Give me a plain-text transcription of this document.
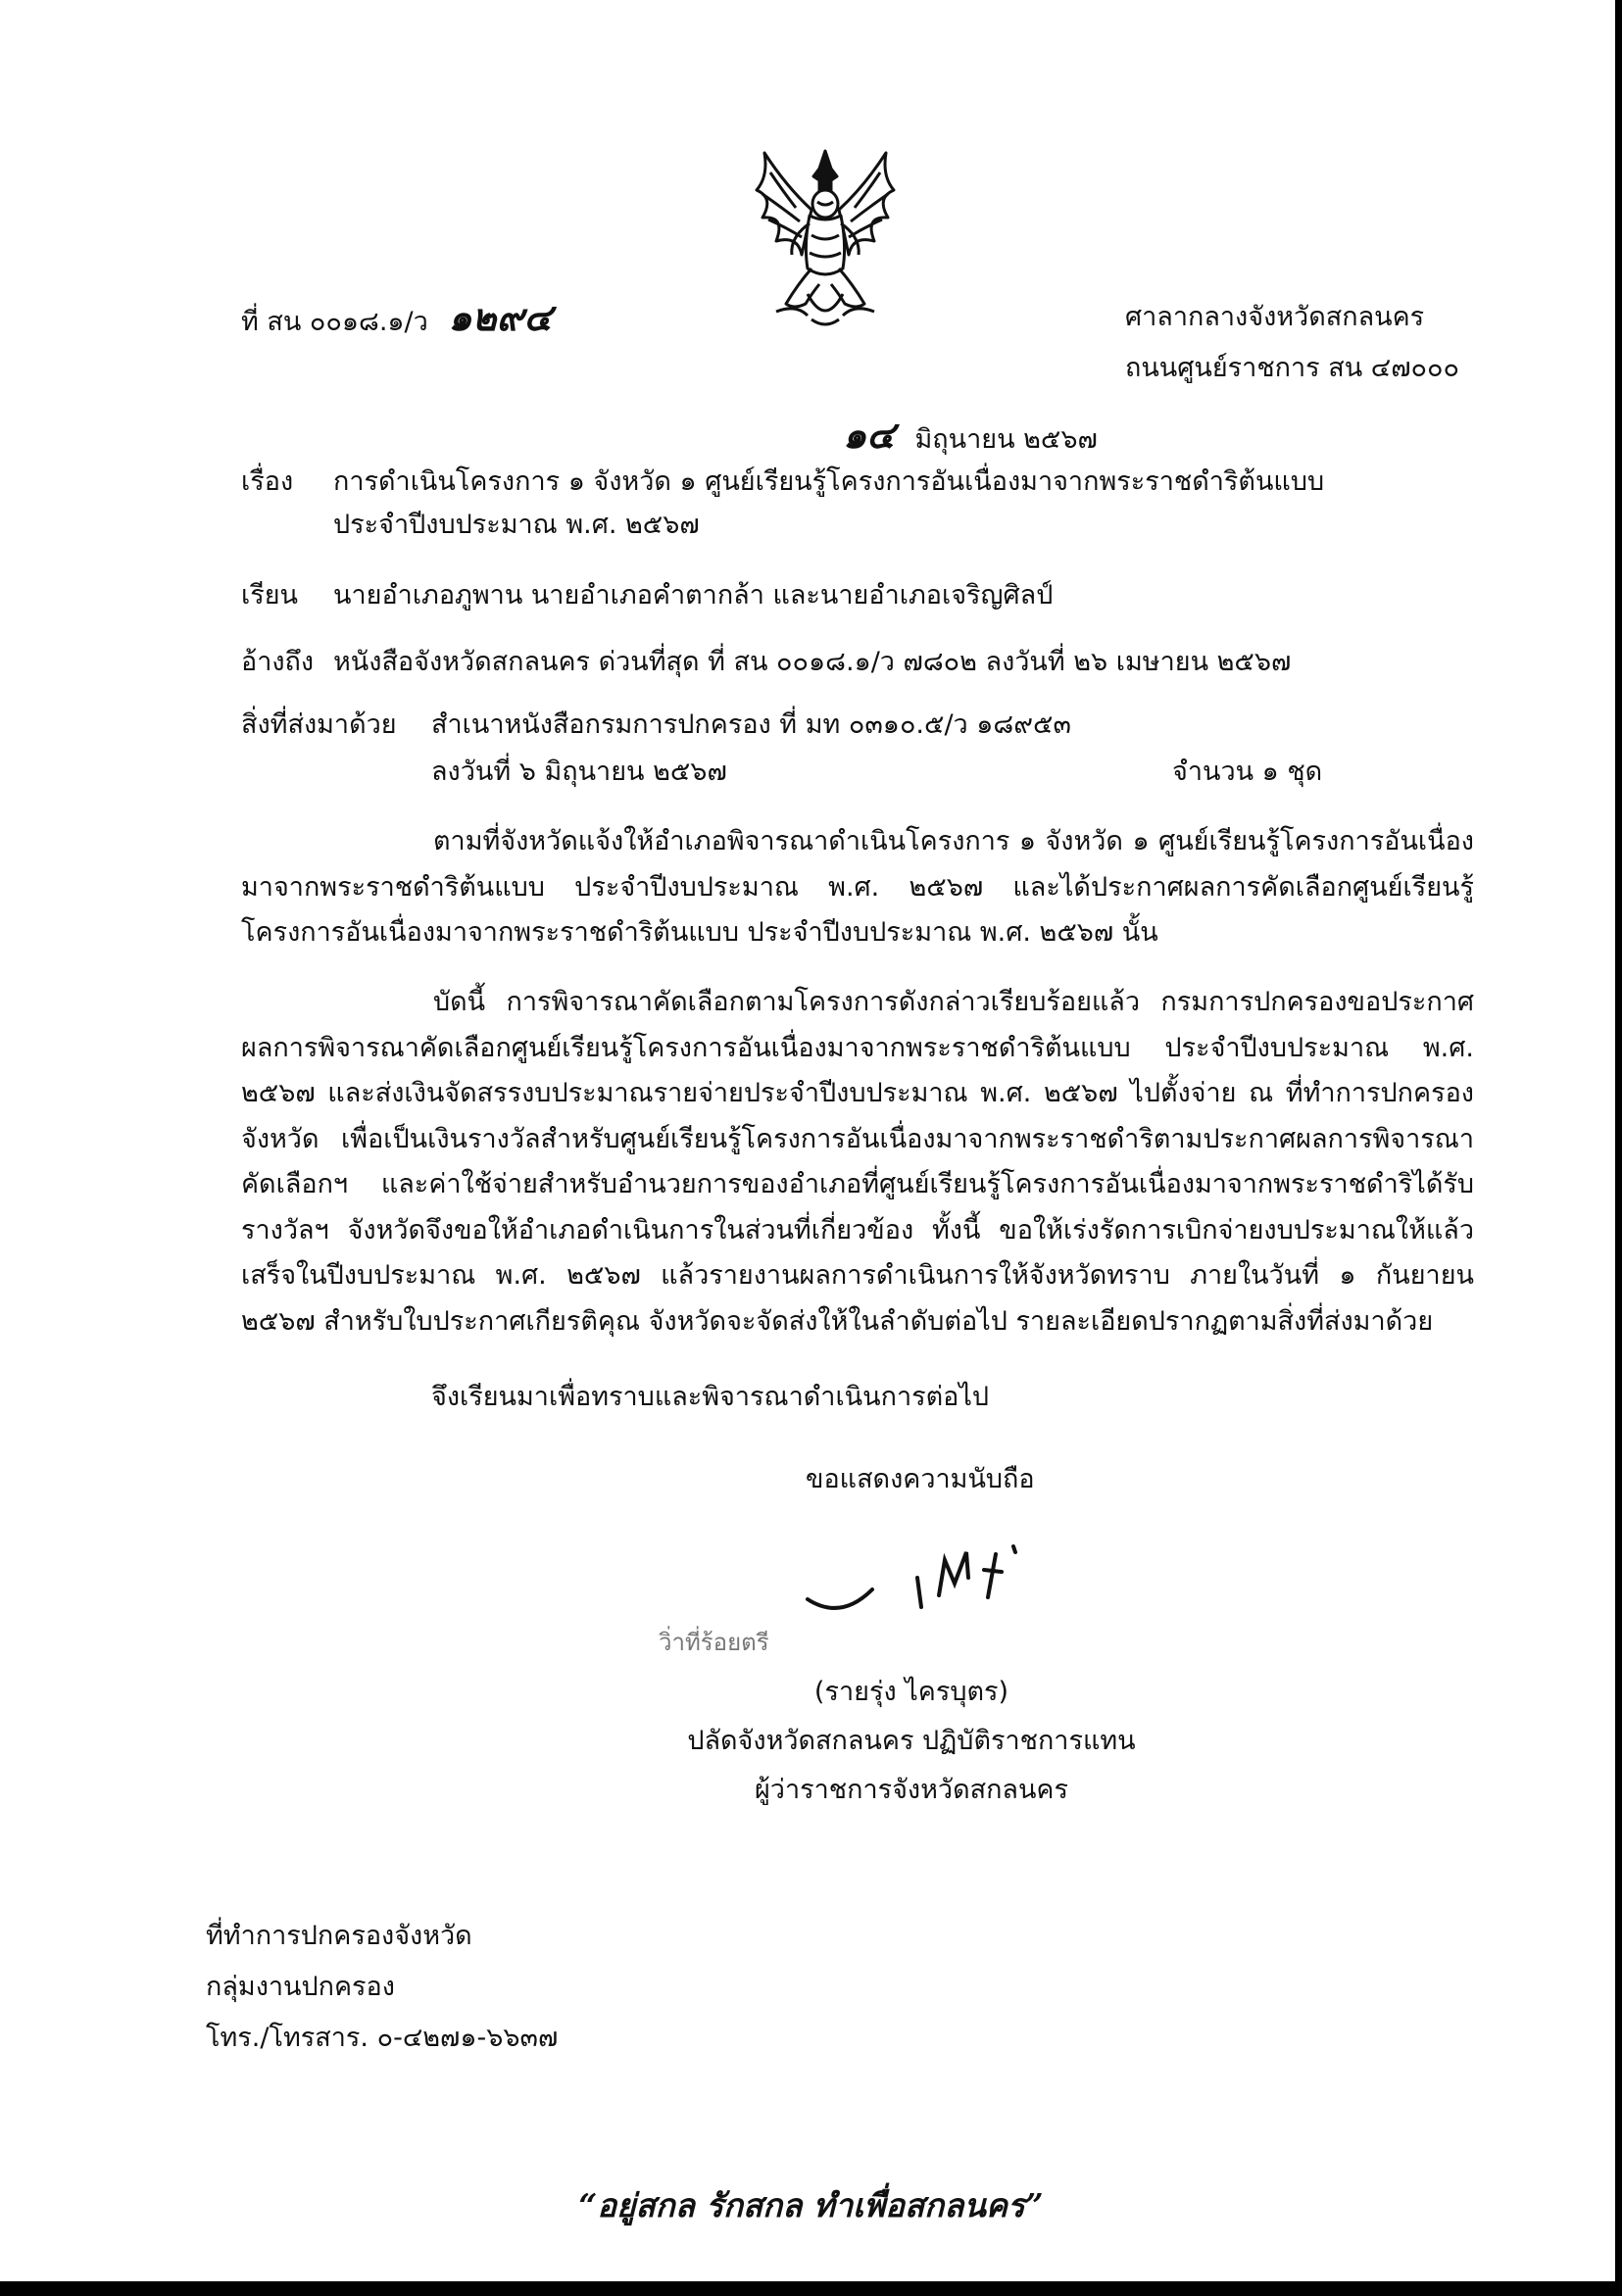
ที่ สน ๐๐๑๘.๑/ว ๑๒๙๔	ศาลากลางจังหวัดสกลนคร
ถนนศูนย์ราชการ สน ๔๗๐๐๐
๑๔ มิถุนายน ๒๕๖๗
เรื่อง การดำเนินโครงการ ๑ จังหวัด ๑ ศูนย์เรียนรู้โครงการอันเนื่องมาจากพระราชดำริต้นแบบ
ประจำปีงบประมาณ พ.ศ. ๒๕๖๗
เรียน นายอำเภอภูพาน นายอำเภอคำตากล้า และนายอำเภอเจริญศิลป์
อ้างถึง หนังสือจังหวัดสกลนคร ด่วนที่สุด ที่ สน ๐๐๑๘.๑/ว ๗๘๐๒ ลงวันที่ ๒๖ เมษายน ๒๕๖๗
สิ่งที่ส่งมาด้วย สำเนาหนังสือกรมการปกครอง ที่ มท ๐๓๑๐.๕/ว ๑๘๙๕๓
ลงวันที่ ๖ มิถุนายน ๒๕๖๗	จำนวน ๑ ชุด
ตามที่จังหวัดแจ้งให้อำเภอพิจารณาดำเนินโครงการ ๑ จังหวัด ๑ ศูนย์เรียนรู้โครงการอันเนื่องมาจากพระราชดำริต้นแบบ ประจำปีงบประมาณ พ.ศ. ๒๕๖๗ และได้ประกาศผลการคัดเลือกศูนย์เรียนรู้โครงการอันเนื่องมาจากพระราชดำริต้นแบบ ประจำปีงบประมาณ พ.ศ. ๒๕๖๗ นั้น
บัดนี้ การพิจารณาคัดเลือกตามโครงการดังกล่าวเรียบร้อยแล้ว กรมการปกครองขอประกาศผลการพิจารณาคัดเลือกศูนย์เรียนรู้โครงการอันเนื่องมาจากพระราชดำริต้นแบบ ประจำปีงบประมาณ พ.ศ. ๒๕๖๗ และส่งเงินจัดสรรงบประมาณรายจ่ายประจำปีงบประมาณ พ.ศ. ๒๕๖๗ ไปตั้งจ่าย ณ ที่ทำการปกครองจังหวัด เพื่อเป็นเงินรางวัลสำหรับศูนย์เรียนรู้โครงการอันเนื่องมาจากพระราชดำริตามประกาศผลการพิจารณาคัดเลือกฯ และค่าใช้จ่ายสำหรับอำนวยการของอำเภอที่ศูนย์เรียนรู้โครงการอันเนื่องมาจากพระราชดำริได้รับรางวัลฯ จังหวัดจึงขอให้อำเภอดำเนินการในส่วนที่เกี่ยวข้อง ทั้งนี้ ขอให้เร่งรัดการเบิกจ่ายงบประมาณให้แล้วเสร็จในปีงบประมาณ พ.ศ. ๒๕๖๗ แล้วรายงานผลการดำเนินการให้จังหวัดทราบ ภายในวันที่ ๑ กันยายน ๒๕๖๗ สำหรับใบประกาศเกียรติคุณ จังหวัดจะจัดส่งให้ในลำดับต่อไป รายละเอียดปรากฏตามสิ่งที่ส่งมาด้วย
จึงเรียนมาเพื่อทราบและพิจารณาดำเนินการต่อไป
ขอแสดงความนับถือ
วิ่าที่ร้อยตรี
(รายรุ่ง ไครบุตร)
ปลัดจังหวัดสกลนคร ปฏิบัติราชการแทน
ผู้ว่าราชการจังหวัดสกลนคร
ที่ทำการปกครองจังหวัด
กลุ่มงานปกครอง
โทร./โทรสาร. ๐-๔๒๗๑-๖๖๓๗
“อยู่สกล รักสกล ทำเพื่อสกลนคร”
